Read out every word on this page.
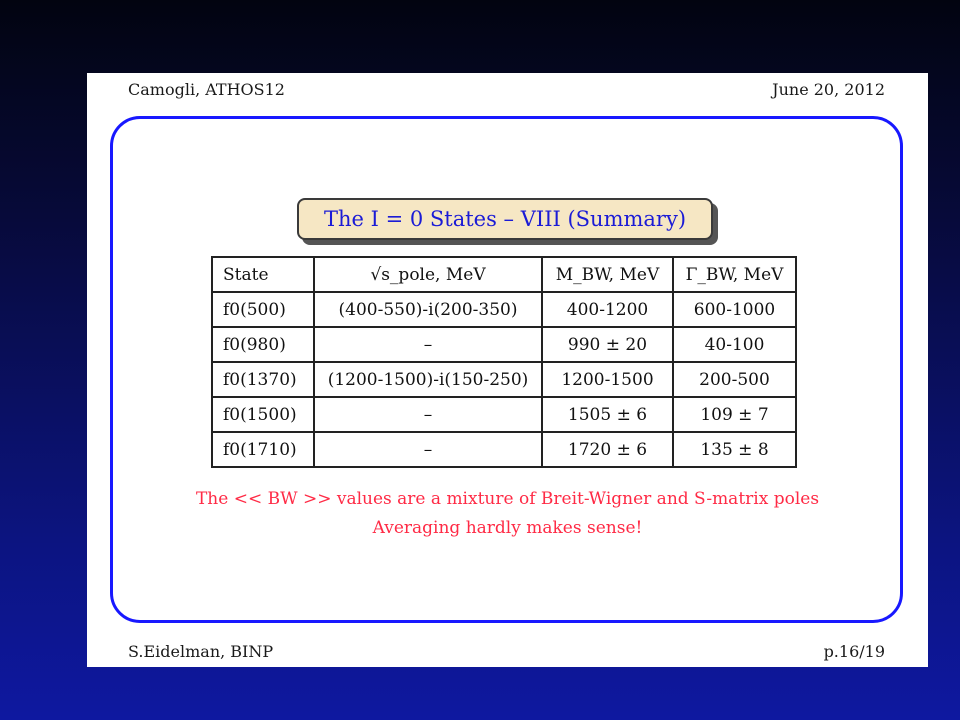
Camogli, ATHOS12	June 20, 2012
The I = 0 States – VIII (Summary)
State	√s_pole, MeV	M_BW, MeV	Γ_BW, MeV
f0(500)	(400-550)-i(200-350)	400-1200	600-1000
f0(980)	–	990 ± 20	40-100
f0(1370)	(1200-1500)-i(150-250)	1200-1500	200-500
f0(1500)	–	1505 ± 6	109 ± 7
f0(1710)	–	1720 ± 6	135 ± 8
The << BW >> values are a mixture of Breit-Wigner and S-matrix poles
Averaging hardly makes sense!
S.Eidelman, BINP	p.16/19
